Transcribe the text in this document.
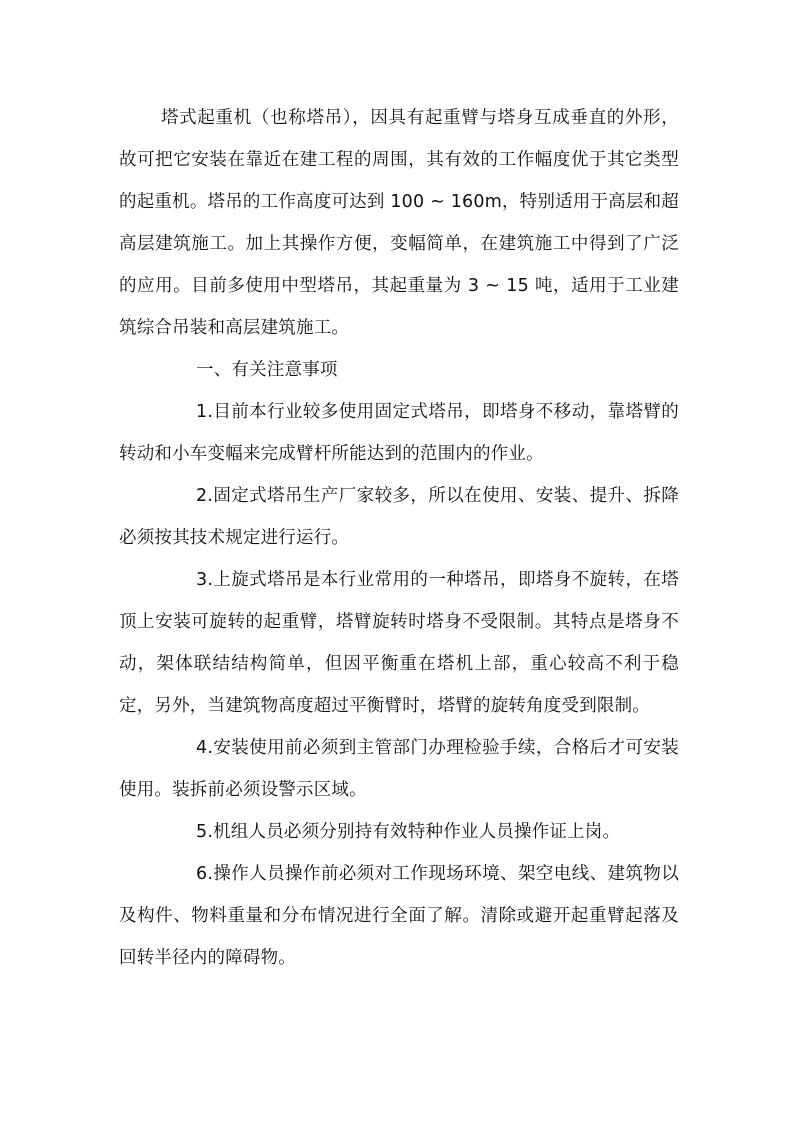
塔式起重机（也称塔吊），因具有起重臂与塔身互成垂直的外形，故可把它安装在靠近在建工程的周围，其有效的工作幅度优于其它类型的起重机。塔吊的工作高度可达到 100 ~ 160m，特别适用于高层和超高层建筑施工。加上其操作方便，变幅简单，在建筑施工中得到了广泛的应用。目前多使用中型塔吊，其起重量为 3 ~ 15 吨，适用于工业建筑综合吊装和高层建筑施工。

一、有关注意事项

1.目前本行业较多使用固定式塔吊，即塔身不移动，靠塔臂的转动和小车变幅来完成臂杆所能达到的范围内的作业。

2.固定式塔吊生产厂家较多，所以在使用、安装、提升、拆降必须按其技术规定进行运行。

3.上旋式塔吊是本行业常用的一种塔吊，即塔身不旋转，在塔顶上安装可旋转的起重臂，塔臂旋转时塔身不受限制。其特点是塔身不动，架体联结结构简单，但因平衡重在塔机上部，重心较高不利于稳定，另外，当建筑物高度超过平衡臂时，塔臂的旋转角度受到限制。

4.安装使用前必须到主管部门办理检验手续，合格后才可安装使用。装拆前必须设警示区域。

5.机组人员必须分别持有效特种作业人员操作证上岗。

6.操作人员操作前必须对工作现场环境、架空电线、建筑物以及构件、物料重量和分布情况进行全面了解。清除或避开起重臂起落及回转半径内的障碍物。
